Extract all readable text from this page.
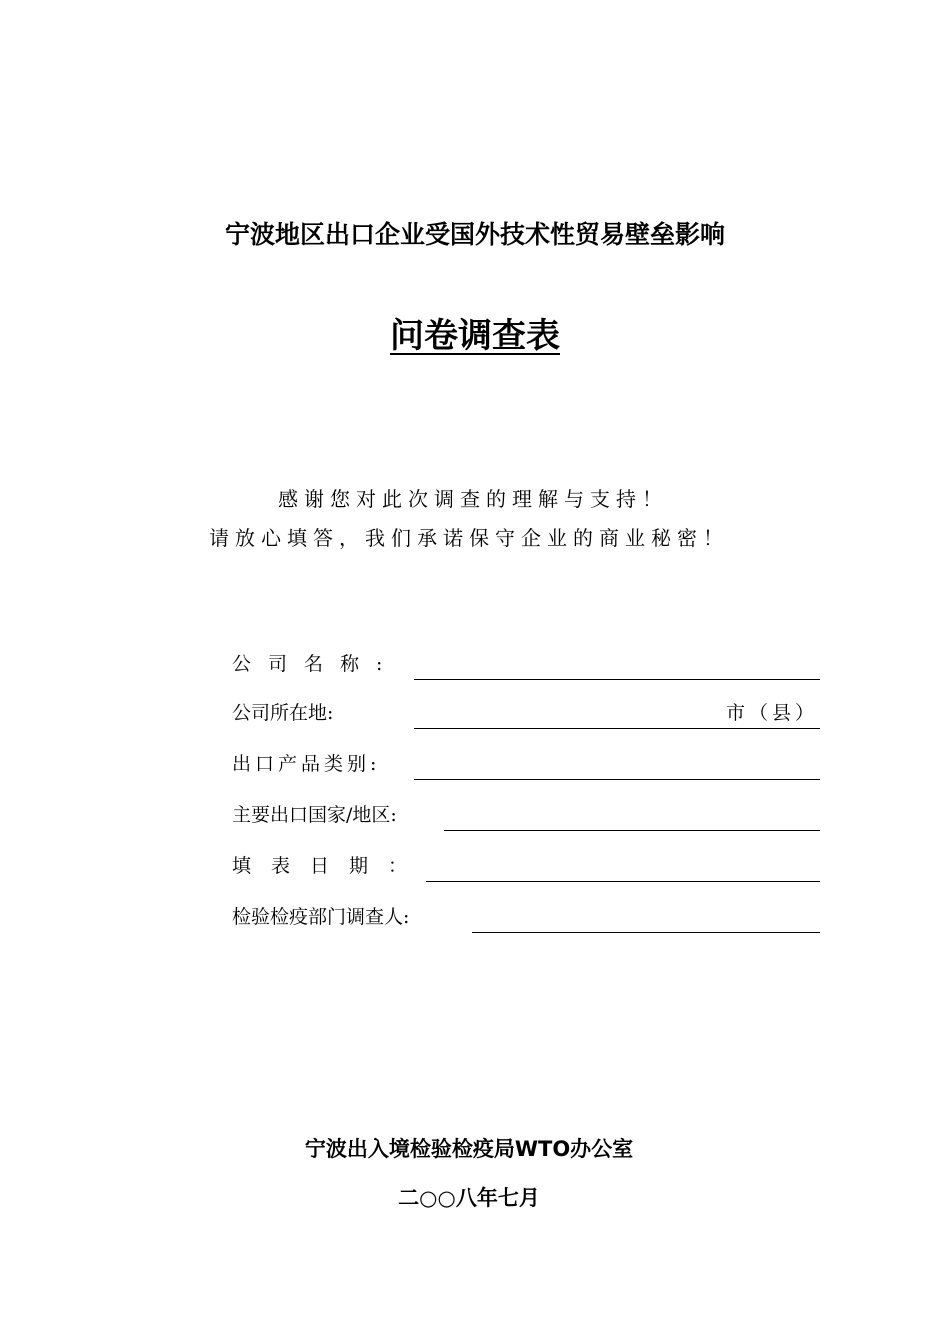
宁波地区出口企业受国外技术性贸易壁垒影响
问卷调查表
感谢您对此次调查的理解与支持！
请放心填答，我们承诺保守企业的商业秘密！
公司名称:
公司所在地:	市（县）
出口产品类别:
主要出口国家/地区:
填表日期：
检验检疫部门调查人:
宁波出入境检验检疫局WTO办公室
二○○八年七月
